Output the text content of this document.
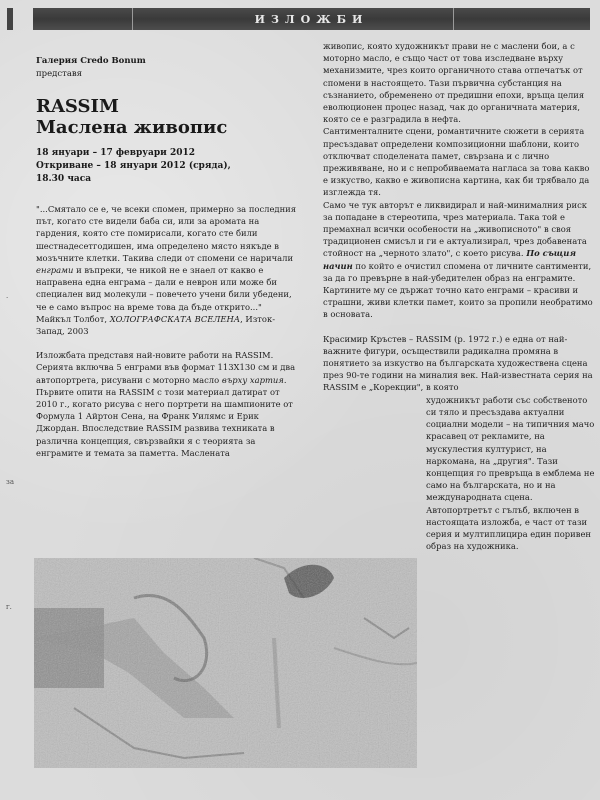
ИЗЛОЖБИ
.
за
г.
Галерия Credo Bonum
представя
RASSIM
Маслена живопис
18 януари – 17 февруари 2012
Откриване – 18 януари 2012 (сряда),
18.30 часа
"...Смятало се е, че всеки спомен, примерно за последния път, когато сте видели баба си, или за аромата на гардения, която сте помирисали, когато сте били шестнадесетгодишен, има определено място някъде в мозъчните клетки. Такива следи от спомени се наричали енграми и въпреки, че никой не е знаел от какво е направена една енграма – дали е неврон или може би специален вид молекули – повечето учени били убедени, че е само въпрос на време това да бъде открито..."
Майкъл Толбот, ХОЛОГРАФСКАТА ВСЕЛЕНА, Изток-Запад, 2003
Изложбата представя най-новите работи на RASSIM. Серията включва 5 енграми във формат 113X130 см и два автопортрета, рисувани с моторно масло върху хартия.
Първите опити на RASSIM с този материал датират от 2010 г., когато рисува с него портрети на шампионите от Формула 1 Айртон Сена, на Франк Уилямс и Ерик Джордан. Впоследствие RASSIM развива техниката в различна концепция, свързвайки я с теорията за енграмите и темата за паметта. Маслената
живопис, която художникът прави не с маслени бои, а с моторно масло, е също част от това изследване върху механизмите, чрез които органичното става отпечатък от спомени в настоящето. Тази първична субстанция на съзнанието, обременено от предишни епохи, връща целия еволюционен процес назад, чак до органичната материя, която се е разградила в нефта.
Сантименталните сцени, романтичните сюжети в серията пресъздават определени композиционни шаблони, които отключват споделената памет, свързана и с лично преживяване, но и с непробиваемата нагласа за това какво е изкуство, какво е живописна картина, как би трябвало да изглежда тя.
Само че тук авторът е ликвидирал и най-минималния риск за попадане в стереотипа, чрез материала. Така той е премахнал всички особености на „живописното" в своя традиционен смисъл и ги е актуализирал, чрез добавената стойност на „черното злато", с което рисува. По същия начин по който е очистил спомена от личните сантименти, за да го превърне в най-убедителен образ на енграмите.
Картините му се държат точно като енграми – красиви и страшни, живи клетки памет, които за пропили необратимо в основата.
Красимир Кръстев – RASSIM (р. 1972 г.) е една от най-важните фигури, осъществили радикална промяна в понятието за изкуство на българската художествена сцена през 90-те години на миналия век. Най-известната серия на RASSIM е „Корекции", в която
художникът работи със собственото си тяло и пресъздава актуални социални модели – на типичния мачо красавец от рекламите, на мускулестия културист, на наркомана, на „другия". Тази концепция го превръща в емблема не само на българската, но и на международната сцена. Автопортретът с гълъб, включен в настоящата изложба, е част от тази серия и мултиплицира един поривен образ на художника.
